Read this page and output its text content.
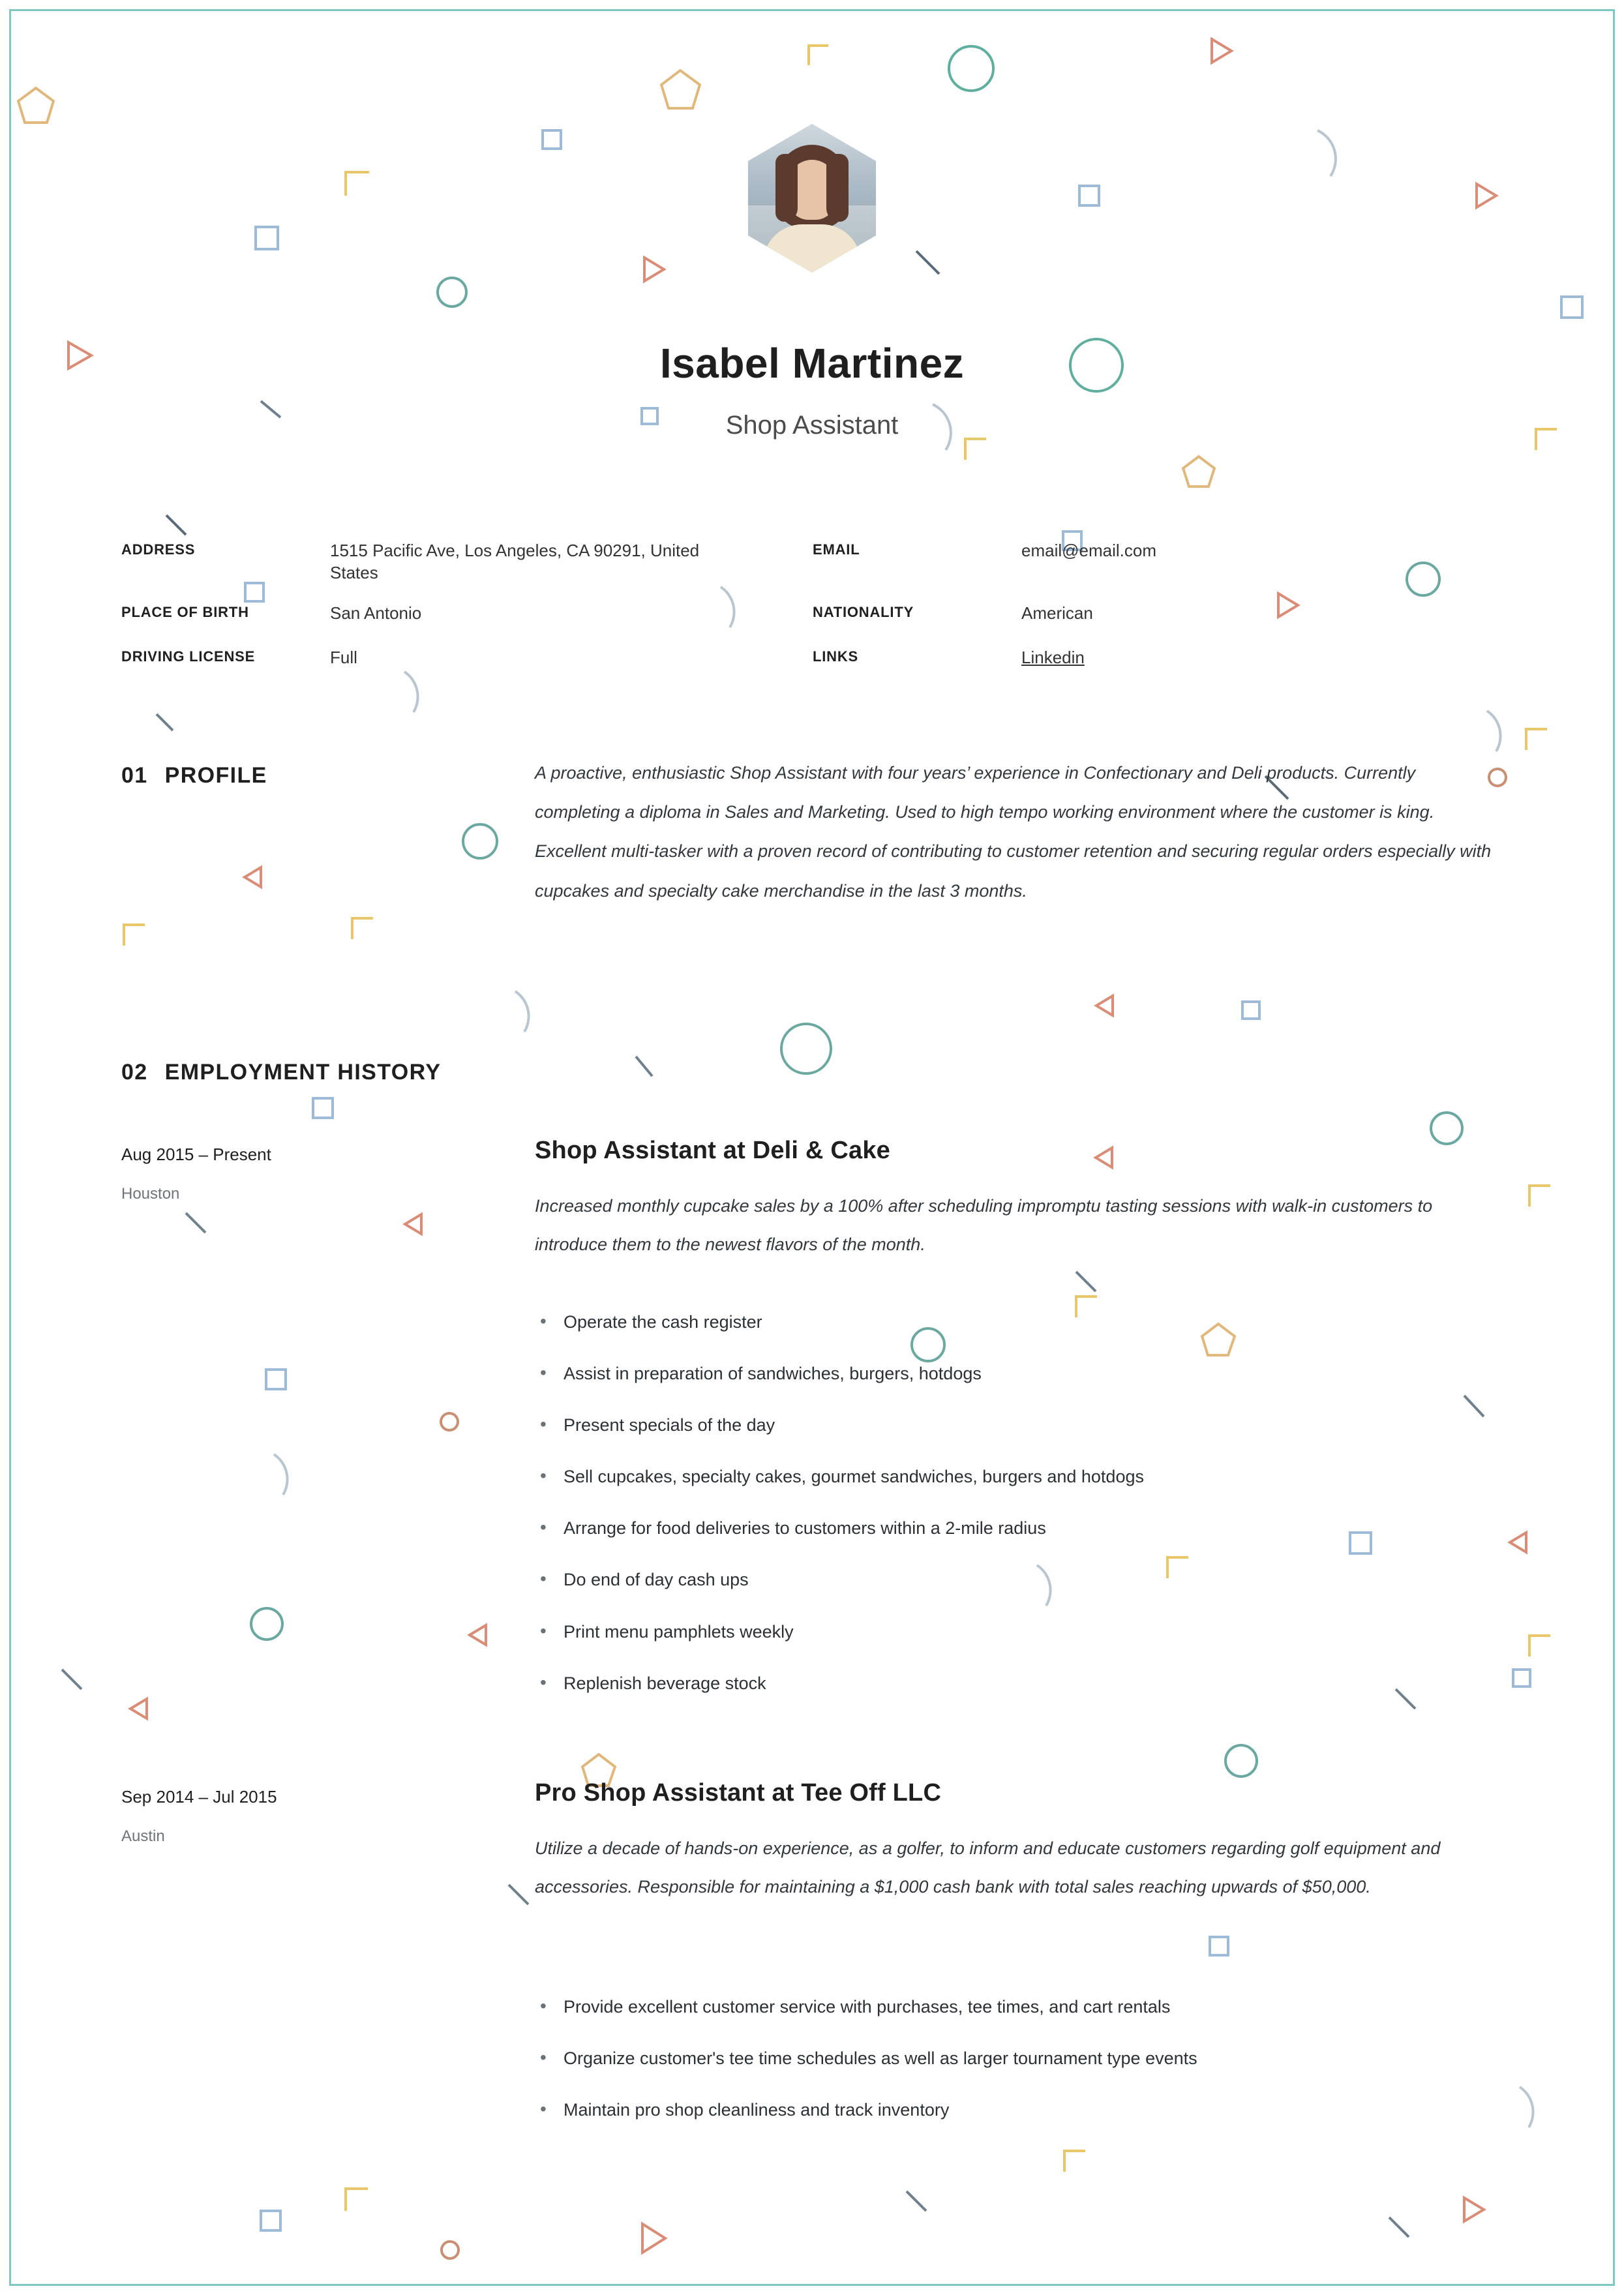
Isabel Martinez
Shop Assistant
ADDRESS	1515 Pacific Ave, Los Angeles, CA 90291, United States
PLACE OF BIRTH	San Antonio
DRIVING LICENSE	Full
EMAIL	email@email.com
NATIONALITY	American
LINKS	Linkedin
01 PROFILE	A proactive, enthusiastic Shop Assistant with four years’ experience in Confectionary and Deli products. Currently completing a diploma in Sales and Marketing. Used to high tempo working environment where the customer is king. Excellent multi-tasker with a proven record of contributing to customer retention and securing regular orders especially with cupcakes and specialty cake merchandise in the last 3 months.
02 EMPLOYMENT HISTORY
Aug 2015 – Present
Houston
Shop Assistant at Deli & Cake
Increased monthly cupcake sales by a 100% after scheduling impromptu tasting sessions with walk-in customers to introduce them to the newest flavors of the month.
• Operate the cash register
• Assist in preparation of sandwiches, burgers, hotdogs
• Present specials of the day
• Sell cupcakes, specialty cakes, gourmet sandwiches, burgers and hotdogs
• Arrange for food deliveries to customers within a 2-mile radius
• Do end of day cash ups
• Print menu pamphlets weekly
• Replenish beverage stock
Sep 2014 – Jul 2015
Austin
Pro Shop Assistant at Tee Off LLC
Utilize a decade of hands-on experience, as a golfer, to inform and educate customers regarding golf equipment and accessories. Responsible for maintaining a $1,000 cash bank with total sales reaching upwards of $50,000.
• Provide excellent customer service with purchases, tee times, and cart rentals
• Organize customer's tee time schedules as well as larger tournament type events
• Maintain pro shop cleanliness and track inventory
